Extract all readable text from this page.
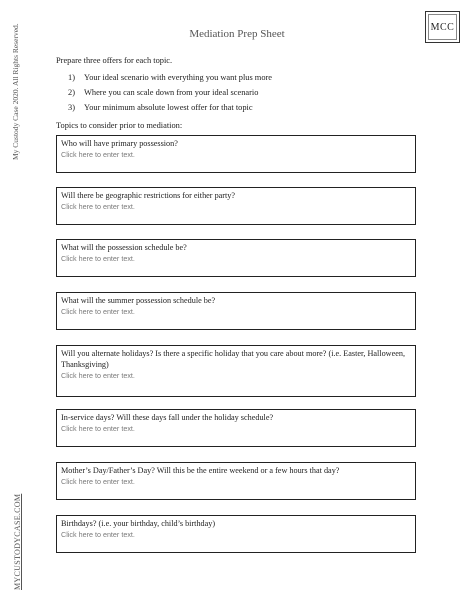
My Custody Case 2020. All Rights Reserved.
MYCUSTODYCASE.COM
MCC
Mediation Prep Sheet
Prepare three offers for each topic.
1)	Your ideal scenario with everything you want plus more
2)	Where you can scale down from your ideal scenario
3)	Your minimum absolute lowest offer for that topic
Topics to consider prior to mediation:
Who will have primary possession?
Click here to enter text.
Will there be geographic restrictions for either party?
Click here to enter text.
What will the possession schedule be?
Click here to enter text.
What will the summer possession schedule be?
Click here to enter text.
Will you alternate holidays? Is there a specific holiday that you care about more? (i.e. Easter, Halloween, Thanksgiving)
Click here to enter text.
In-service days? Will these days fall under the holiday schedule?
Click here to enter text.
Mother’s Day/Father’s Day? Will this be the entire weekend or a few hours that day?
Click here to enter text.
Birthdays? (i.e. your birthday, child’s birthday)
Click here to enter text.
